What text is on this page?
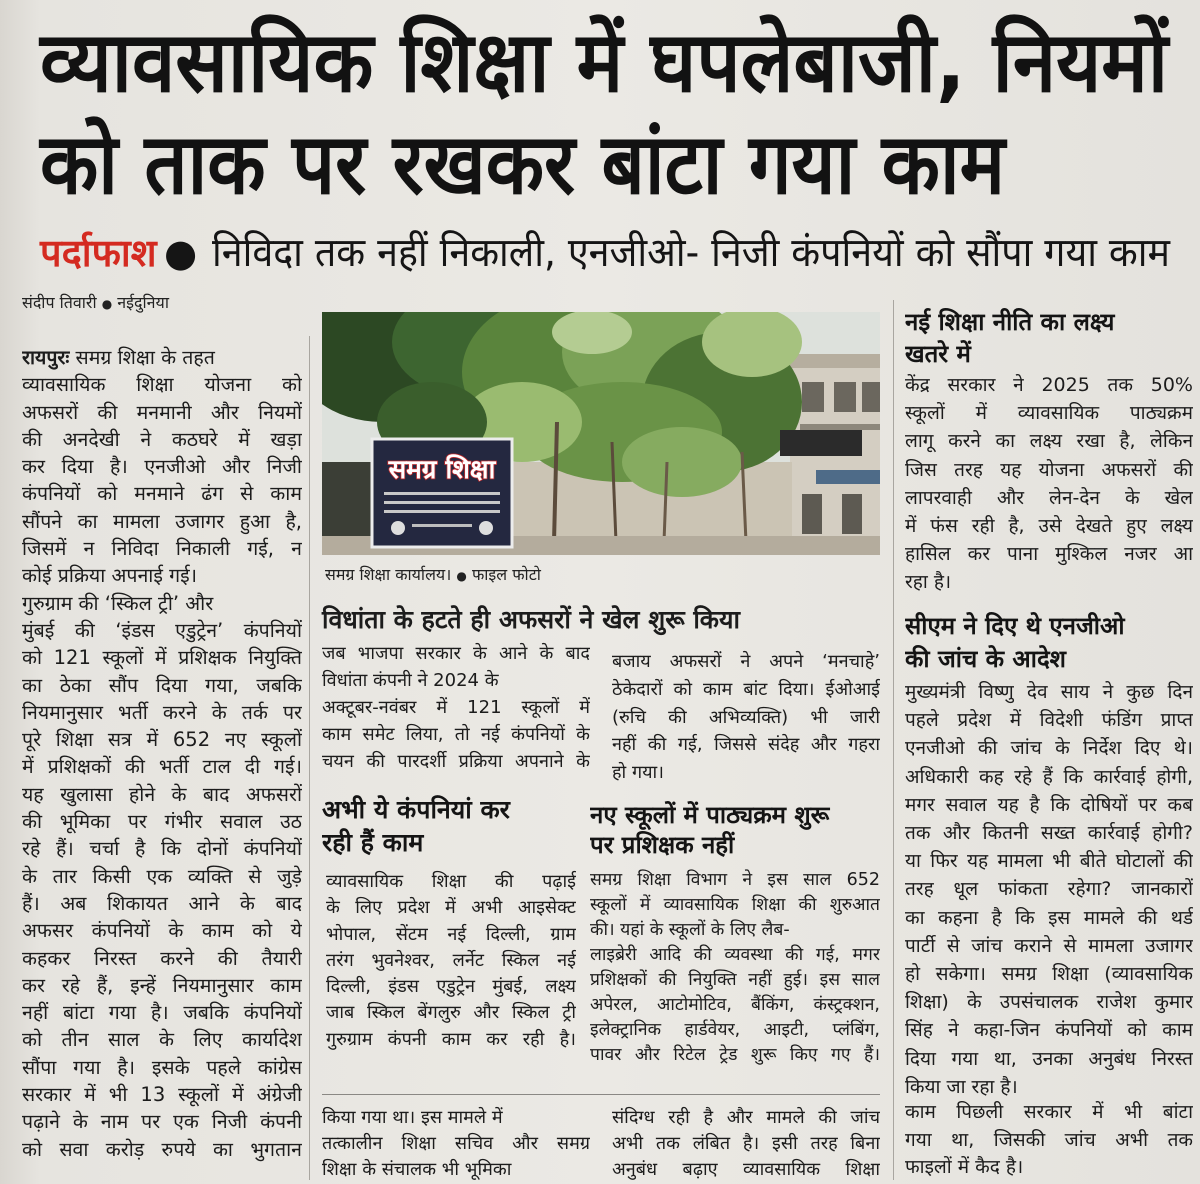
व्यावसायिक शिक्षा में घपलेबाजी, नियमों
को ताक पर रखकर बांटा गया काम
पर्दाफाश ● निविदा तक नहीं निकाली, एनजीओ- निजी कंपनियों को सौंपा गया काम
संदीप तिवारी ● नईदुनिया
रायपुरः समग्र शिक्षा के तहत
व्यावसायिक शिक्षा योजना को
अफसरों की मनमानी और नियमों
की अनदेखी ने कठघरे में खड़ा
कर दिया है। एनजीओ और निजी
कंपनियों को मनमाने ढंग से काम
सौंपने का मामला उजागर हुआ है,
जिसमें न निविदा निकाली गई, न
कोई प्रक्रिया अपनाई गई।
गुरुग्राम की ‘स्किल ट्री’ और
मुंबई की ‘इंडस एडुट्रेन’ कंपनियों
को 121 स्कूलों में प्रशिक्षक नियुक्ति
का ठेका सौंप दिया गया, जबकि
नियमानुसार भर्ती करने के तर्क पर
पूरे शिक्षा सत्र में 652 नए स्कूलों
में प्रशिक्षकों की भर्ती टाल दी गई।
यह खुलासा होने के बाद अफसरों
की भूमिका पर गंभीर सवाल उठ
रहे हैं। चर्चा है कि दोनों कंपनियों
के तार किसी एक व्यक्ति से जुड़े
हैं। अब शिकायत आने के बाद
अफसर कंपनियों के काम को ये
कहकर निरस्त करने की तैयारी
कर रहे हैं, इन्हें नियमानुसार काम
नहीं बांटा गया है। जबकि कंपनियों
को तीन साल के लिए कार्यादेश
सौंपा गया है। इसके पहले कांग्रेस
सरकार में भी 13 स्कूलों में अंग्रेजी
पढ़ाने के नाम पर एक निजी कंपनी
को सवा करोड़ रुपये का भुगतान
समग्र शिक्षा
समग्र शिक्षा कार्यालय। ● फाइल फोटो
नई शिक्षा नीति का लक्ष्य
खतरे में
केंद्र सरकार ने 2025 तक 50%
स्कूलों में व्यावसायिक पाठ्यक्रम
लागू करने का लक्ष्य रखा है, लेकिन
जिस तरह यह योजना अफसरों की
लापरवाही और लेन-देन के खेल
में फंस रही है, उसे देखते हुए लक्ष्य
हासिल कर पाना मुश्किल नजर आ
रहा है।
सीएम ने दिए थे एनजीओ
की जांच के आदेश
मुख्यमंत्री विष्णु देव साय ने कुछ दिन
पहले प्रदेश में विदेशी फंडिंग प्राप्त
एनजीओ की जांच के निर्देश दिए थे।
अधिकारी कह रहे हैं कि कार्रवाई होगी,
मगर सवाल यह है कि दोषियों पर कब
तक और कितनी सख्त कार्रवाई होगी?
या फिर यह मामला भी बीते घोटालों की
तरह धूल फांकता रहेगा? जानकारों
का कहना है कि इस मामले की थर्ड
पार्टी से जांच कराने से मामला उजागर
हो सकेगा। समग्र शिक्षा (व्यावसायिक
शिक्षा) के उपसंचालक राजेश कुमार
सिंह ने कहा-जिन कंपनियों को काम
दिया गया था, उनका अनुबंध निरस्त
किया जा रहा है।
विधांता के हटते ही अफसरों ने खेल शुरू किया
जब भाजपा सरकार के आने के बाद
विधांता कंपनी ने 2024 के
अक्टूबर-नवंबर में 121 स्कूलों में
काम समेट लिया, तो नई कंपनियों के
चयन की पारदर्शी प्रक्रिया अपनाने के
बजाय अफसरों ने अपने ‘मनचाहे’
ठेकेदारों को काम बांट दिया। ईओआई
(रुचि की अभिव्यक्ति) भी जारी
नहीं की गई, जिससे संदेह और गहरा
हो गया।
अभी ये कंपनियां कर
रही हैं काम
व्यावसायिक शिक्षा की पढ़ाई
के लिए प्रदेश में अभी आइसेक्ट
भोपाल, सेंटम नई दिल्ली, ग्राम
तरंग भुवनेश्वर, लर्नेट स्किल नई
दिल्ली, इंडस एडुट्रेन मुंबई, लक्ष्य
जाब स्किल बेंगलुरु और स्किल ट्री
गुरुग्राम कंपनी काम कर रही है।
नए स्कूलों में पाठ्यक्रम शुरू
पर प्रशिक्षक नहीं
समग्र शिक्षा विभाग ने इस साल 652
स्कूलों में व्यावसायिक शिक्षा की शुरुआत
की। यहां के स्कूलों के लिए लैब-
लाइब्रेरी आदि की व्यवस्था की गई, मगर
प्रशिक्षकों की नियुक्ति नहीं हुई। इस साल
अपेरल, आटोमोटिव, बैंकिंग, कंस्ट्रक्शन,
इलेक्ट्रानिक हार्डवेयर, आइटी, प्लंबिंग,
पावर और रिटेल ट्रेड शुरू किए गए हैं।
किया गया था। इस मामले में
तत्कालीन शिक्षा सचिव और समग्र
शिक्षा के संचालक भी भूमिका
संदिग्ध रही है और मामले की जांच
अभी तक लंबित है। इसी तरह बिना
अनुबंध बढ़ाए व्यावसायिक शिक्षा
काम पिछली सरकार में भी बांटा
गया था, जिसकी जांच अभी तक
फाइलों में कैद है।
